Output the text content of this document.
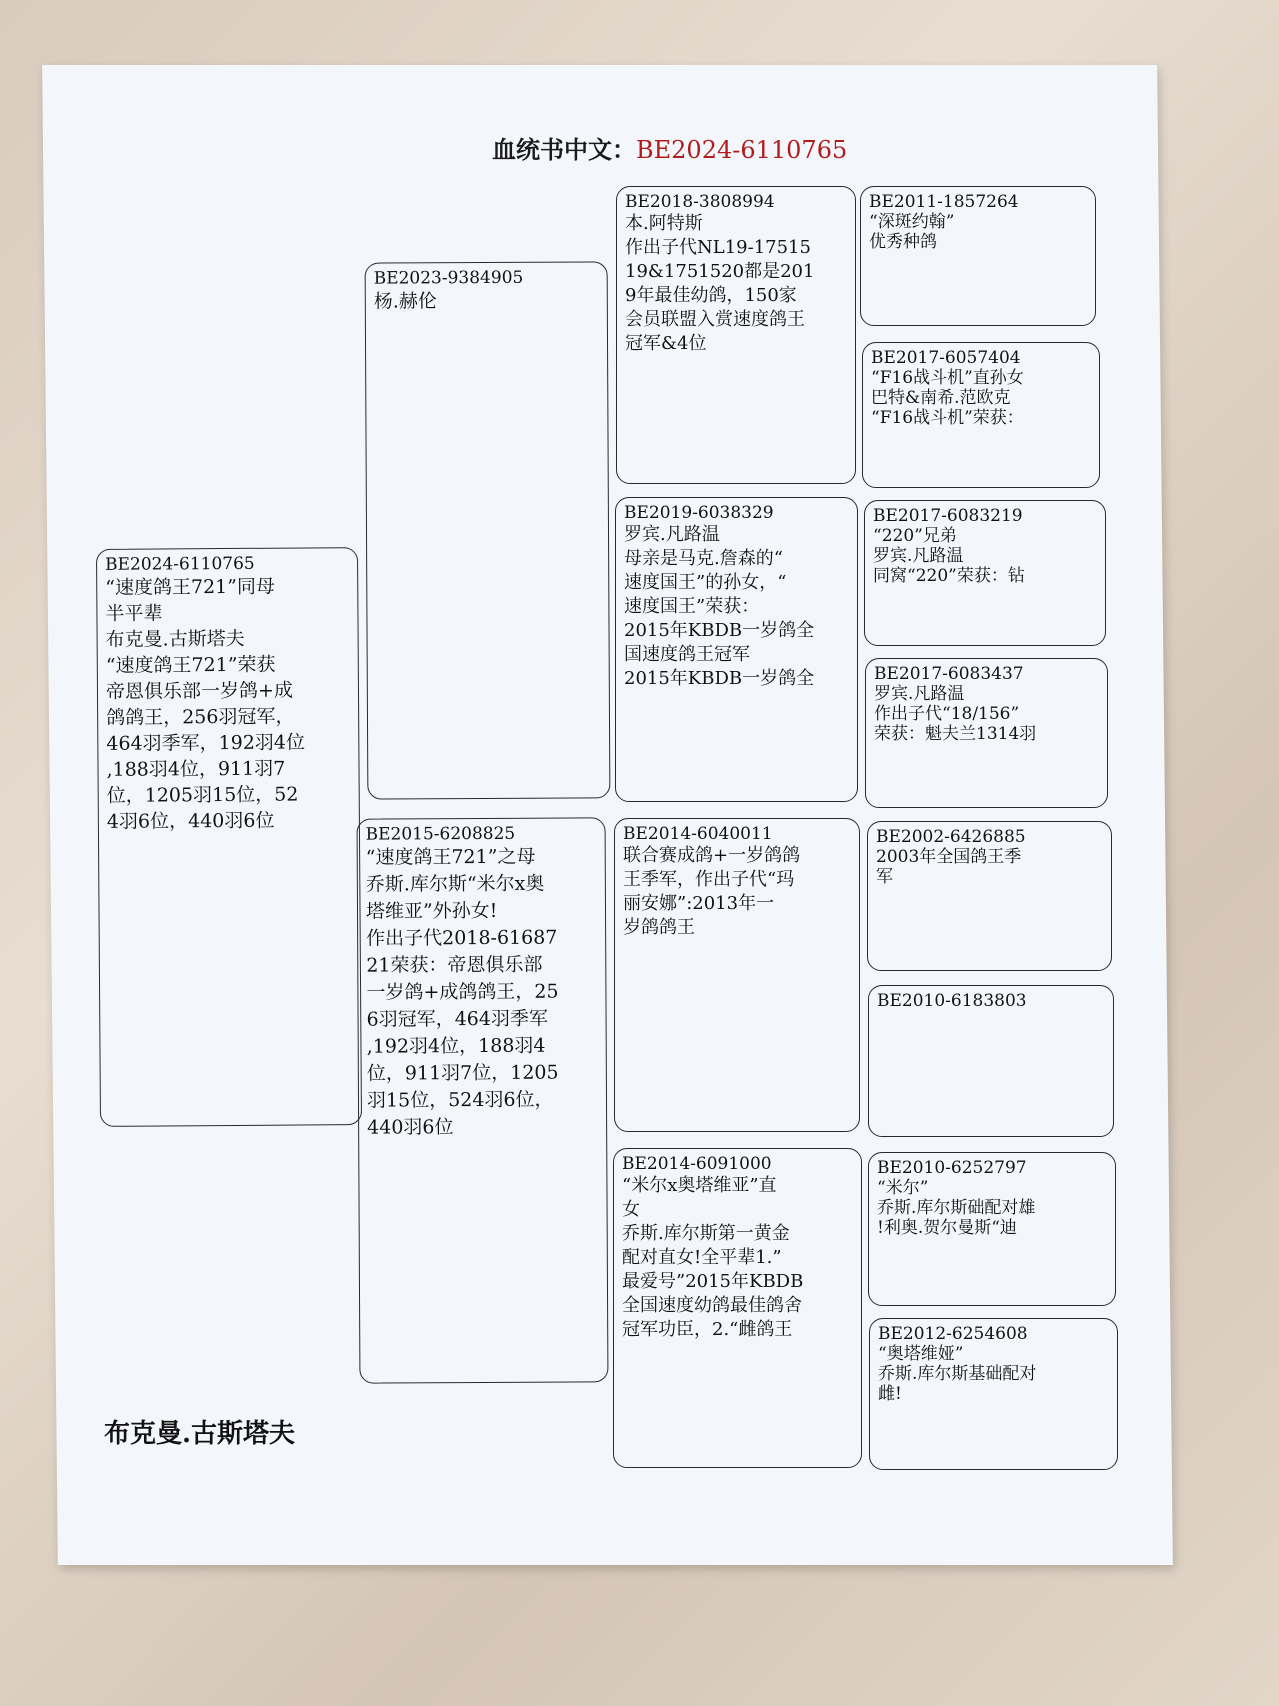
血统书中文：BE2024-6110765
BE2024-6110765
“速度鸽王721”同母
半平辈
布克曼.古斯塔夫
“速度鸽王721”荣获
帝恩俱乐部一岁鸽+成
鸽鸽王，256羽冠军，
464羽季军，192羽4位
,188羽4位，911羽7
位，1205羽15位，52
4羽6位，440羽6位
BE2023-9384905
杨.赫伦
BE2015-6208825
“速度鸽王721”之母
乔斯.库尔斯“米尔x奥
塔维亚”外孙女!
作出子代2018-61687
21荣获：帝恩俱乐部
一岁鸽+成鸽鸽王，25
6羽冠军，464羽季军
,192羽4位，188羽4
位，911羽7位，1205
羽15位，524羽6位，
440羽6位
BE2018-3808994
本.阿特斯
作出子代NL19-17515
19&1751520都是201
9年最佳幼鸽，150家
会员联盟入赏速度鸽王
冠军&4位
BE2019-6038329
罗宾.凡路温
母亲是马克.詹森的“
速度国王”的孙女，“
速度国王”荣获：
2015年KBDB一岁鸽全
国速度鸽王冠军
2015年KBDB一岁鸽全
BE2014-6040011
联合赛成鸽+一岁鸽鸽
王季军，作出子代“玛
丽安娜”:2013年一
岁鸽鸽王
BE2014-6091000
“米尔x奥塔维亚”直
女
乔斯.库尔斯第一黄金
配对直女!全平辈1.”
最爱号”2015年KBDB
全国速度幼鸽最佳鸽舍
冠军功臣，2.“雌鸽王
BE2011-1857264
“深斑约翰”
优秀种鸽
BE2017-6057404
“F16战斗机”直孙女
巴特&南希.范欧克
“F16战斗机”荣获：
BE2017-6083219
“220”兄弟
罗宾.凡路温
同窝“220”荣获：钻
BE2017-6083437
罗宾.凡路温
作出子代“18/156”
荣获：魁夫兰1314羽
BE2002-6426885
2003年全国鸽王季
军
BE2010-6183803
BE2010-6252797
“米尔”
乔斯.库尔斯础配对雄
!利奥.贺尔曼斯“迪
BE2012-6254608
“奥塔维娅”
乔斯.库尔斯基础配对
雌!
布克曼.古斯塔夫
